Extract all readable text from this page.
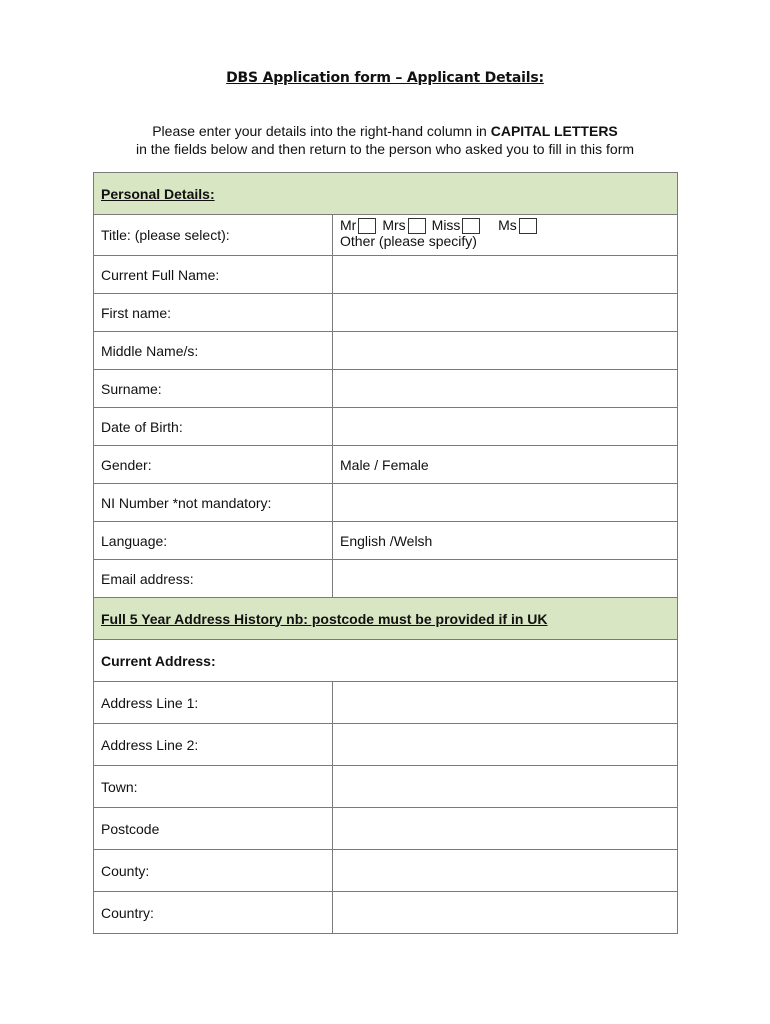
DBS Application form – Applicant Details:
Please enter your details into the right-hand column in CAPITAL LETTERS
in the fields below and then return to the person who asked you to fill in this form
Personal Details:	
Title: (please select):	Mr Mrs Miss Ms
Other (please specify)

Current Full Name:	
First name:	
Middle Name/s:	
Surname:	
Date of Birth:	
Gender:	Male / Female
NI Number *not mandatory:	
Language:	English /Welsh
Email address:	
Full 5 Year Address History nb: postcode must be provided if in UK	
Current Address:	
Address Line 1:	
Address Line 2:	
Town:	
Postcode	
County:	
Country:	
